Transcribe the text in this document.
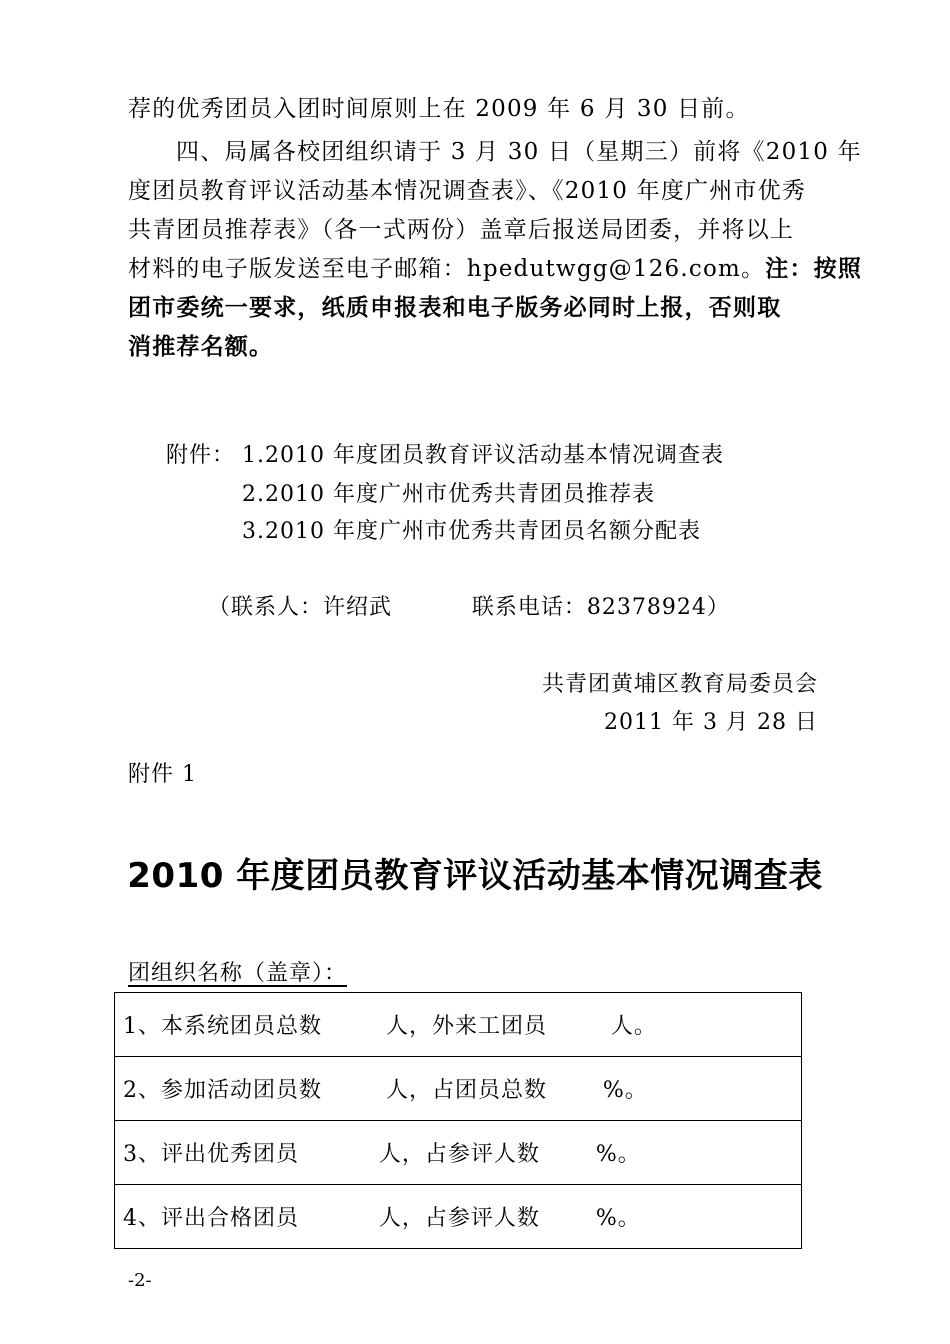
荐的优秀团员入团时间原则上在 2009 年 6 月 30 日前。
四、局属各校团组织请于 3 月 30 日（星期三）前将《2010 年
度团员教育评议活动基本情况调查表》、《2010 年度广州市优秀
共青团员推荐表》（各一式两份）盖章后报送局团委，并将以上
材料的电子版发送至电子邮箱：hpedutwgg@126.com。注：按照
团市委统一要求，纸质申报表和电子版务必同时上报，否则取
消推荐名额。
附件： 1.2010 年度团员教育评议活动基本情况调查表
2.2010 年度广州市优秀共青团员推荐表
3.2010 年度广州市优秀共青团员名额分配表
（联系人：许绍武          联系电话：82378924）
共青团黄埔区教育局委员会
2011 年 3 月 28 日
附件 1
2010 年度团员教育评议活动基本情况调查表
团组织名称（盖章）：
1、本系统团员总数        人，外来工团员        人。
2、参加活动团员数        人，占团员总数       %。
3、评出优秀团员          人，占参评人数       %。
4、评出合格团员          人，占参评人数       %。
-2-
